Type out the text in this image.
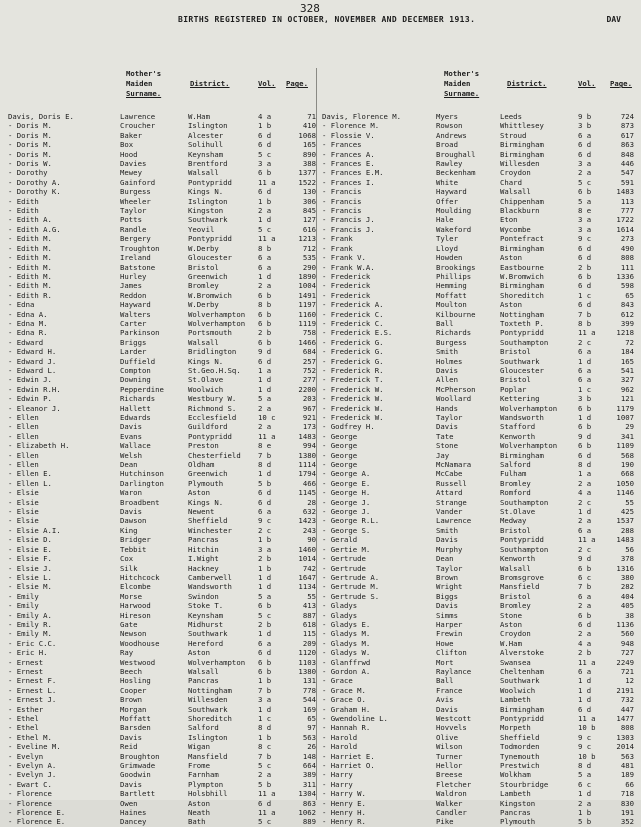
328
BIRTHS REGISTERED IN OCTOBER, NOVEMBER AND DECEMBER 1913.	DAV
Mother's
Maiden
Surname.
District.	Vol. Page.
Davis, Doris E.	Lawrence	W.Ham	4 a	71
- Doris M.	Croucher	Islington	1 b	410
- Doris M.	Baker	Alcester	6 d	1068
- Doris M.	Box	Solihull	6 d	165
- Doris M.	Hood	Keynsham	5 c	890
- Doris W.	Davies	Brentford	3 a	388
- Dorothy	Mewey	Walsall	6 b	1377
- Dorothy A.	Gainford	Pontypridd	11 a	1522
- Dorothy K.	Burgess	Kings N.	6 d	130
- Edith	Wheeler	Islington	1 b	306
- Edith	Taylor	Kingston	2 a	845
- Edith A.	Potts	Southwark	1 d	127
- Edith A.G.	Randle	Yeovil	5 c	616
- Edith M.	Bergery	Pontypridd	11 a	1213
- Edith M.	Troughton	W.Derby	8 b	712
- Edith M.	Ireland	Gloucester	6 a	535
- Edith M.	Batstone	Bristol	6 a	290
- Edith M.	Hurley	Greenwich	1 d	1890
- Edith M.	James	Bromley	2 a	1004
- Edith R.	Reddon	W.Bromwich	6 b	1491
- Edna	Hayward	W.Derby	8 b	1197
- Edna A.	Walters	Wolverhampton	6 b	1160
- Edna M.	Carter	Wolverhampton	6 b	1119
- Edna R.	Parkinson	Portsmouth	2 b	758
- Edward	Briggs	Walsall	6 b	1466
- Edward H.	Larder	Bridlington	9 d	684
- Edward J.	Duffield	Kings N.	6 d	257
- Edward L.	Compton	St.Geo.H.Sq.	1 a	752
- Edwin J.	Downing	St.Olave	1 d	277
- Edwin R.H.	Pepperdine	Woolwich	1 d	2200
- Edwin P.	Richards	Westbury W.	5 a	203
- Eleanor J.	Hallett	Richmond S.	2 a	967
- Ellen	Edwards	Ecclesfield	10 c	921
- Ellen	Davis	Guildford	2 a	173
- Ellen	Evans	Pontypridd	11 a	1483
- Elizabeth H.	Wallace	Preston	8 e	994
- Ellen	Welsh	Chesterfield	7 b	1380
- Ellen	Dean	Oldham	8 d	1114
- Ellen E.	Hutchinson	Greenwich	1 d	1794
- Ellen L.	Darlington	Plymouth	5 b	466
- Elsie	Waron	Aston	6 d	1145
- Elsie	Broadbent	Kings N.	6 d	28
- Elsie	Davis	Newent	6 a	632
- Elsie	Dawson	Sheffield	9 c	1423
- Elsie A.I.	King	Winchester	2 c	243
- Elsie D.	Bridger	Pancras	1 b	90
- Elsie E.	Tebbit	Hitchin	3 a	1460
- Elsie F.	Cox	I.Wight	2 b	1014
- Elsie J.	Silk	Hackney	1 b	742
- Elsie L.	Hitchcock	Camberwell	1 d	1647
- Elsie M.	Elcombe	Wandsworth	1 d	1134
- Emily	Morse	Swindon	5 a	55
- Emily	Harwood	Stoke T.	6 b	413
- Emily A.	Hireson	Keynsham	5 c	887
- Emily R.	Gate	Midhurst	2 b	618
- Emily M.	Newson	Southwark	1 d	115
- Eric C.C.	Woodhouse	Hereford	6 a	209
- Eric H.	Ray	Aston	6 d	1120
- Ernest	Westwood	Wolverhampton	6 b	1103
- Ernest	Beech	Walsall	6 b	1380
- Ernest F.	Hosling	Pancras	1 b	131
- Ernest L.	Cooper	Nottingham	7 b	778
- Ernest J.	Brown	Willesden	3 a	544
- Esther	Morgan	Southwark	1 d	169
- Ethel	Moffatt	Shoreditch	1 c	65
- Ethel	Barsden	Salford	8 d	97
- Ethel M.	Davis	Islington	1 b	563
- Eveline M.	Reid	Wigan	8 c	26
- Evelyn	Broughton	Mansfield	7 b	148
- Evelyn A.	Grimwade	Frome	5 c	664
- Evelyn J.	Goodwin	Farnham	2 a	389
- Ewart C.	Davis	Plympton	5 b	311
- Florence	Bartlett	Holsbhill	11 a	1304
- Florence	Owen	Aston	6 d	863
- Florence E.	Haines	Neath	11 a	1062
- Florence E.	Dancey	Bath	5 c	889
Mother's
Maiden
Surname.
District.	Vol. Page.
Davis, Florence M.	Myers	Leeds	9 b	724
- Florence M.	Rowson	Whittlesey	3 b	873
- Flossie V.	Andrews	Stroud	6 a	617
- Frances	Broad	Birmingham	6 d	863
- Frances A.	Broughall	Birmingham	6 d	848
- Frances E.	Rawley	Willesden	3 a	446
- Frances E.M.	Beckenham	Croydon	2 a	547
- Frances I.	White	Chard	5 c	591
- Francis	Hayward	Walsall	6 b	1483
- Francis	Offer	Chippenham	5 a	113
- Francis	Moulding	Blackburn	8 e	777
- Francis J.	Hale	Eton	3 a	1722
- Francis J.	Wakeford	Wycombe	3 a	1614
- Frank	Tyler	Pontefract	9 c	273
- Frank	Lloyd	Birmingham	6 d	490
- Frank V.	Howden	Aston	6 d	808
- Frank W.A.	Brookings	Eastbourne	2 b	111
- Frederick	Phillips	W.Bromwich	6 b	1336
- Frederick	Hemming	Birmingham	6 d	598
- Frederick	Moffatt	Shoreditch	1 c	65
- Frederick A.	Moulton	Aston	6 d	843
- Frederick C.	Kilbourne	Nottingham	7 b	612
- Frederick C.	Ball	Toxteth P.	8 b	399
- Frederick E.S.	Richards	Pontypridd	11 a	1218
- Frederick G.	Burgess	Southampton	2 c	72
- Frederick G.	Smith	Bristol	6 a	184
- Frederick G.	Holmes	Southwark	1 d	165
- Frederick R.	Davis	Gloucester	6 a	541
- Frederick T.	Allen	Bristol	6 a	327
- Frederick W.	McPherson	Poplar	1 c	962
- Frederick W.	Woollard	Kettering	3 b	121
- Frederick W.	Hands	Wolverhampton	6 b	1179
- Frederick W.	Taylor	Wandsworth	1 d	1007
- Godfrey H.	Davis	Stafford	6 b	29
- George	Tate	Kenworth	9 d	341
- George	Stone	Wolverhampton	6 b	1109
- George	Jay	Birmingham	6 d	568
- George	McNamara	Salford	8 d	190
- George A.	McCabe	Fulham	1 a	668
- George E.	Russell	Bromley	2 a	1050
- George H.	Attard	Romford	4 a	1146
- George J.	Strange	Southampton	2 c	55
- George J.	Vander	St.Olave	1 d	425
- George R.L.	Lawrence	Medway	2 a	1537
- George S.	Smith	Bristol	6 a	288
- Gerald	Davis	Pontypridd	11 a	1483
- Gertie M.	Murphy	Southampton	2 c	56
- Gertrude	Dean	Kenworth	9 d	378
- Gertrude	Taylor	Walsall	6 b	1316
- Gertrude A.	Brown	Bromsgrove	6 c	380
- Gertrude M.	Wright	Mansfield	7 b	282
- Gertrude S.	Biggs	Bristol	6 a	404
- Gladys	Davis	Bromley	2 a	405
- Gladys	Simms	Stone	6 b	38
- Gladys E.	Harper	Aston	6 d	1136
- Gladys M.	Frewin	Croydon	2 a	560
- Gladys M.	Howe	W.Ham	4 a	948
- Gladys W.	Clifton	Alverstoke	2 b	727
- Glanffrwd	Mort	Swansea	11 a	2249
- Gordon A.	Raylance	Cheltenham	6 a	721
- Grace	Ball	Southwark	1 d	12
- Grace M.	France	Woolwich	1 d	2191
- Grace O.	Avis	Lambeth	1 d	732
- Graham H.	Davis	Birmingham	6 d	447
- Gwendoline L.	Westcott	Pontypridd	11 a	1477
- Hannah R.	Hovvels	Morpeth	10 b	808
- Harold	Olive	Sheffield	9 c	1303
- Harold	Wilson	Todmorden	9 c	2014
- Harriet E.	Turner	Tynemouth	10 b	563
- Harriet O.	Hellor	Prestwich	8 d	481
- Harry	Breese	Wolkham	5 a	189
- Harry	Fletcher	Stourbridge	6 c	66
- Harry W.	Waldron	Lambeth	1 d	718
- Henry E.	Walker	Kingston	2 a	830
- Henry H.	Candler	Pancras	1 b	191
- Henry R.	Pike	Plymouth	5 b	352
